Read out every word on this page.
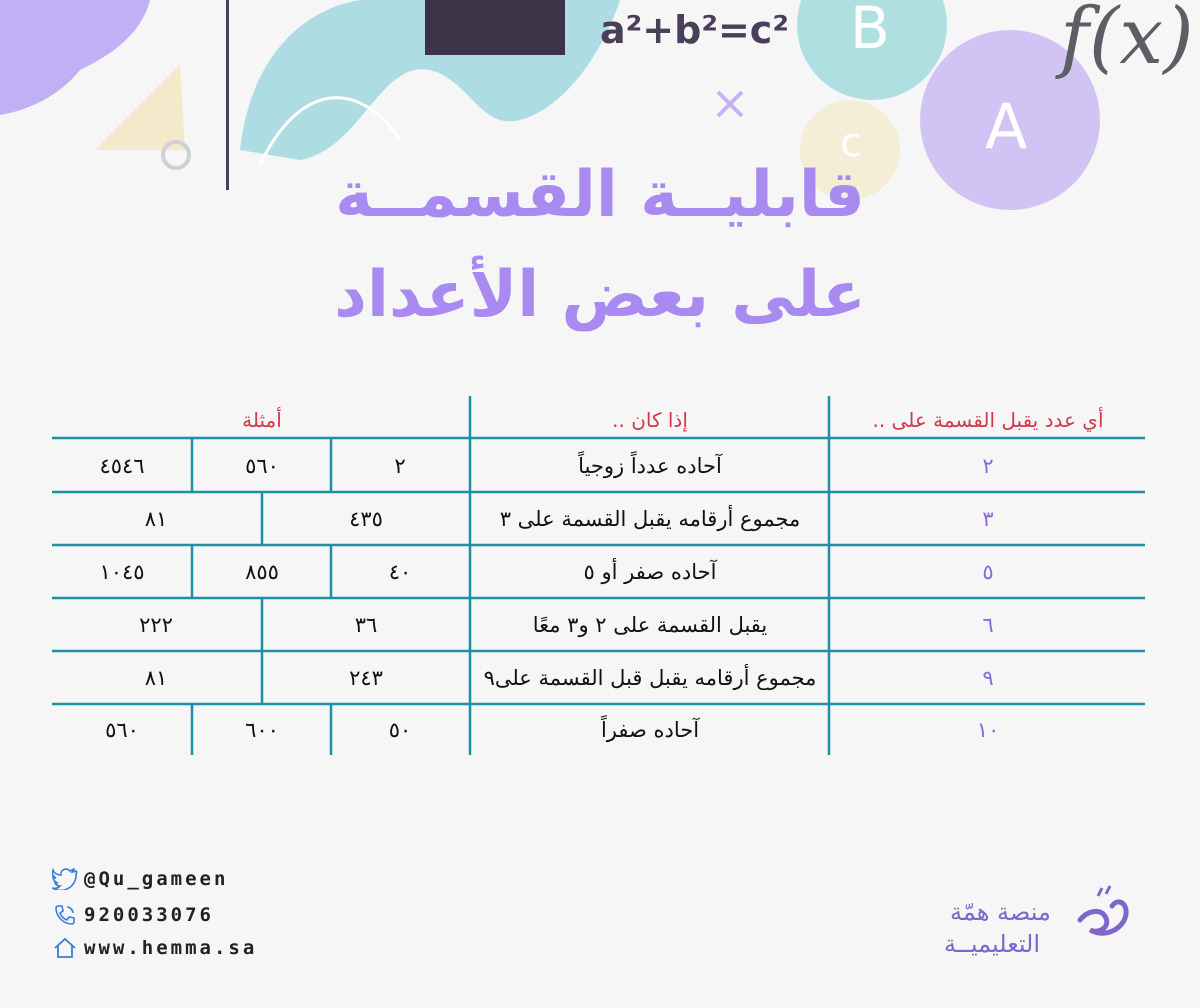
a²+b²=c² B
A
c
f(x)
قابليــة القسمــة
على بعض الأعداد
أي عدد يقبل القسمة على ..
إذا كان ..
أمثلة
٢
آحاده عدداً زوجياً
٢
٥٦٠
٤٥٤٦
٣
مجموع أرقامه يقبل القسمة على ٣
٤٣٥
٨١
٥
آحاده صفر أو ٥
٤٠
٨٥٥
١٠٤٥
٦
يقبل القسمة على ٢ و٣ معًا
٣٦
٢٢٢
٩
مجموع أرقامه يقبل قبل القسمة على٩
٢٤٣
٨١
١٠
آحاده صفراً
٥٠
٦٠٠
٥٦٠
@Qu_gameen
920033076
www.hemma.sa
منصة همّة
التعليميــة
